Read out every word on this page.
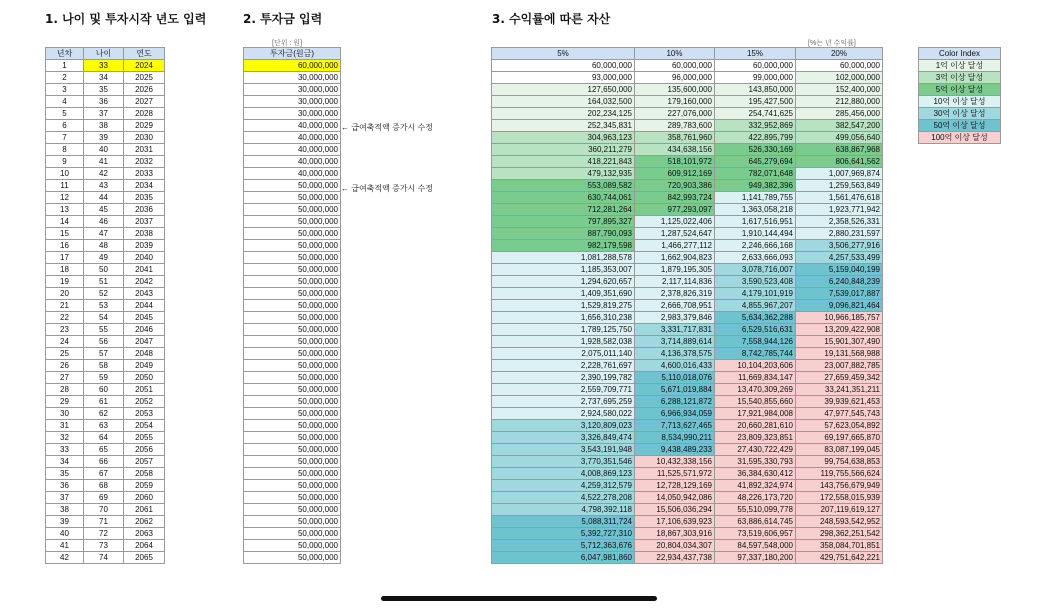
1. 나이 및 투자시작 년도 입력	2. 투자금 입력	3. 수익률에 따른 자산
[단위 : 원]	[%는 년 수익률]
년차	나이	연도
1	33	2024
2	34	2025
3	35	2026
4	36	2027
5	37	2028
6	38	2029
7	39	2030
8	40	2031
9	41	2032
10	42	2033
11	43	2034
12	44	2035
13	45	2036
14	46	2037
15	47	2038
16	48	2039
17	49	2040
18	50	2041
19	51	2042
20	52	2043
21	53	2044
22	54	2045
23	55	2046
24	56	2047
25	57	2048
26	58	2049
27	59	2050
28	60	2051
29	61	2052
30	62	2053
31	63	2054
32	64	2055
33	65	2056
34	66	2057
35	67	2058
36	68	2059
37	69	2060
38	70	2061
39	71	2062
40	72	2063
41	73	2064
42	74	2065
투자금(원금)
60,000,000
30,000,000
30,000,000
30,000,000
30,000,000
40,000,000
40,000,000
40,000,000
40,000,000
40,000,000
50,000,000
50,000,000
50,000,000
50,000,000
50,000,000
50,000,000
50,000,000
50,000,000
50,000,000
50,000,000
50,000,000
50,000,000
50,000,000
50,000,000
50,000,000
50,000,000
50,000,000
50,000,000
50,000,000
50,000,000
50,000,000
50,000,000
50,000,000
50,000,000
50,000,000
50,000,000
50,000,000
50,000,000
50,000,000
50,000,000
50,000,000
50,000,000
← 급여축적액 증가시 수정
← 급여축적액 증가시 수정
5%	10%	15%	20%
60,000,000	60,000,000	60,000,000	60,000,000
93,000,000	96,000,000	99,000,000	102,000,000
127,650,000	135,600,000	143,850,000	152,400,000
164,032,500	179,160,000	195,427,500	212,880,000
202,234,125	227,076,000	254,741,625	285,456,000
252,345,831	289,783,600	332,952,869	382,547,200
304,963,123	358,761,960	422,895,799	499,056,640
360,211,279	434,638,156	526,330,169	638,867,968
418,221,843	518,101,972	645,279,694	806,641,562
479,132,935	609,912,169	782,071,648	1,007,969,874
553,089,582	720,903,386	949,382,396	1,259,563,849
630,744,061	842,993,724	1,141,789,755	1,561,476,618
712,281,264	977,293,097	1,363,058,218	1,923,771,942
797,895,327	1,125,022,406	1,617,516,951	2,358,526,331
887,790,093	1,287,524,647	1,910,144,494	2,880,231,597
982,179,598	1,466,277,112	2,246,666,168	3,506,277,916
1,081,288,578	1,662,904,823	2,633,666,093	4,257,533,499
1,185,353,007	1,879,195,305	3,078,716,007	5,159,040,199
1,294,620,657	2,117,114,836	3,590,523,408	6,240,848,239
1,409,351,690	2,378,826,319	4,179,101,919	7,539,017,887
1,529,819,275	2,666,708,951	4,855,967,207	9,096,821,464
1,656,310,238	2,983,379,846	5,634,362,288	10,966,185,757
1,789,125,750	3,331,717,831	6,529,516,631	13,209,422,908
1,928,582,038	3,714,889,614	7,558,944,126	15,901,307,490
2,075,011,140	4,136,378,575	8,742,785,744	19,131,568,988
2,228,761,697	4,600,016,433	10,104,203,606	23,007,882,785
2,390,199,782	5,110,018,076	11,669,834,147	27,659,459,342
2,559,709,771	5,671,019,884	13,470,309,269	33,241,351,211
2,737,695,259	6,288,121,872	15,540,855,660	39,939,621,453
2,924,580,022	6,966,934,059	17,921,984,008	47,977,545,743
3,120,809,023	7,713,627,465	20,660,281,610	57,623,054,892
3,326,849,474	8,534,990,211	23,809,323,851	69,197,665,870
3,543,191,948	9,438,489,233	27,430,722,429	83,087,199,045
3,770,351,546	10,432,338,156	31,595,330,793	99,754,638,853
4,008,869,123	11,525,571,972	36,384,630,412	119,755,566,624
4,259,312,579	12,728,129,169	41,892,324,974	143,756,679,949
4,522,278,208	14,050,942,086	48,226,173,720	172,558,015,939
4,798,392,118	15,506,036,294	55,510,099,778	207,119,619,127
5,088,311,724	17,106,639,923	63,886,614,745	248,593,542,952
5,392,727,310	18,867,303,916	73,519,606,957	298,362,251,542
5,712,363,676	20,804,034,307	84,597,548,000	358,084,701,851
6,047,981,860	22,934,437,738	97,337,180,200	429,751,642,221
Color Index
1억 이상 달성
3억 이상 달성
5억 이상 달성
10억 이상 달성
30억 이상 달성
50억 이상 달성
100억 이상 달성
